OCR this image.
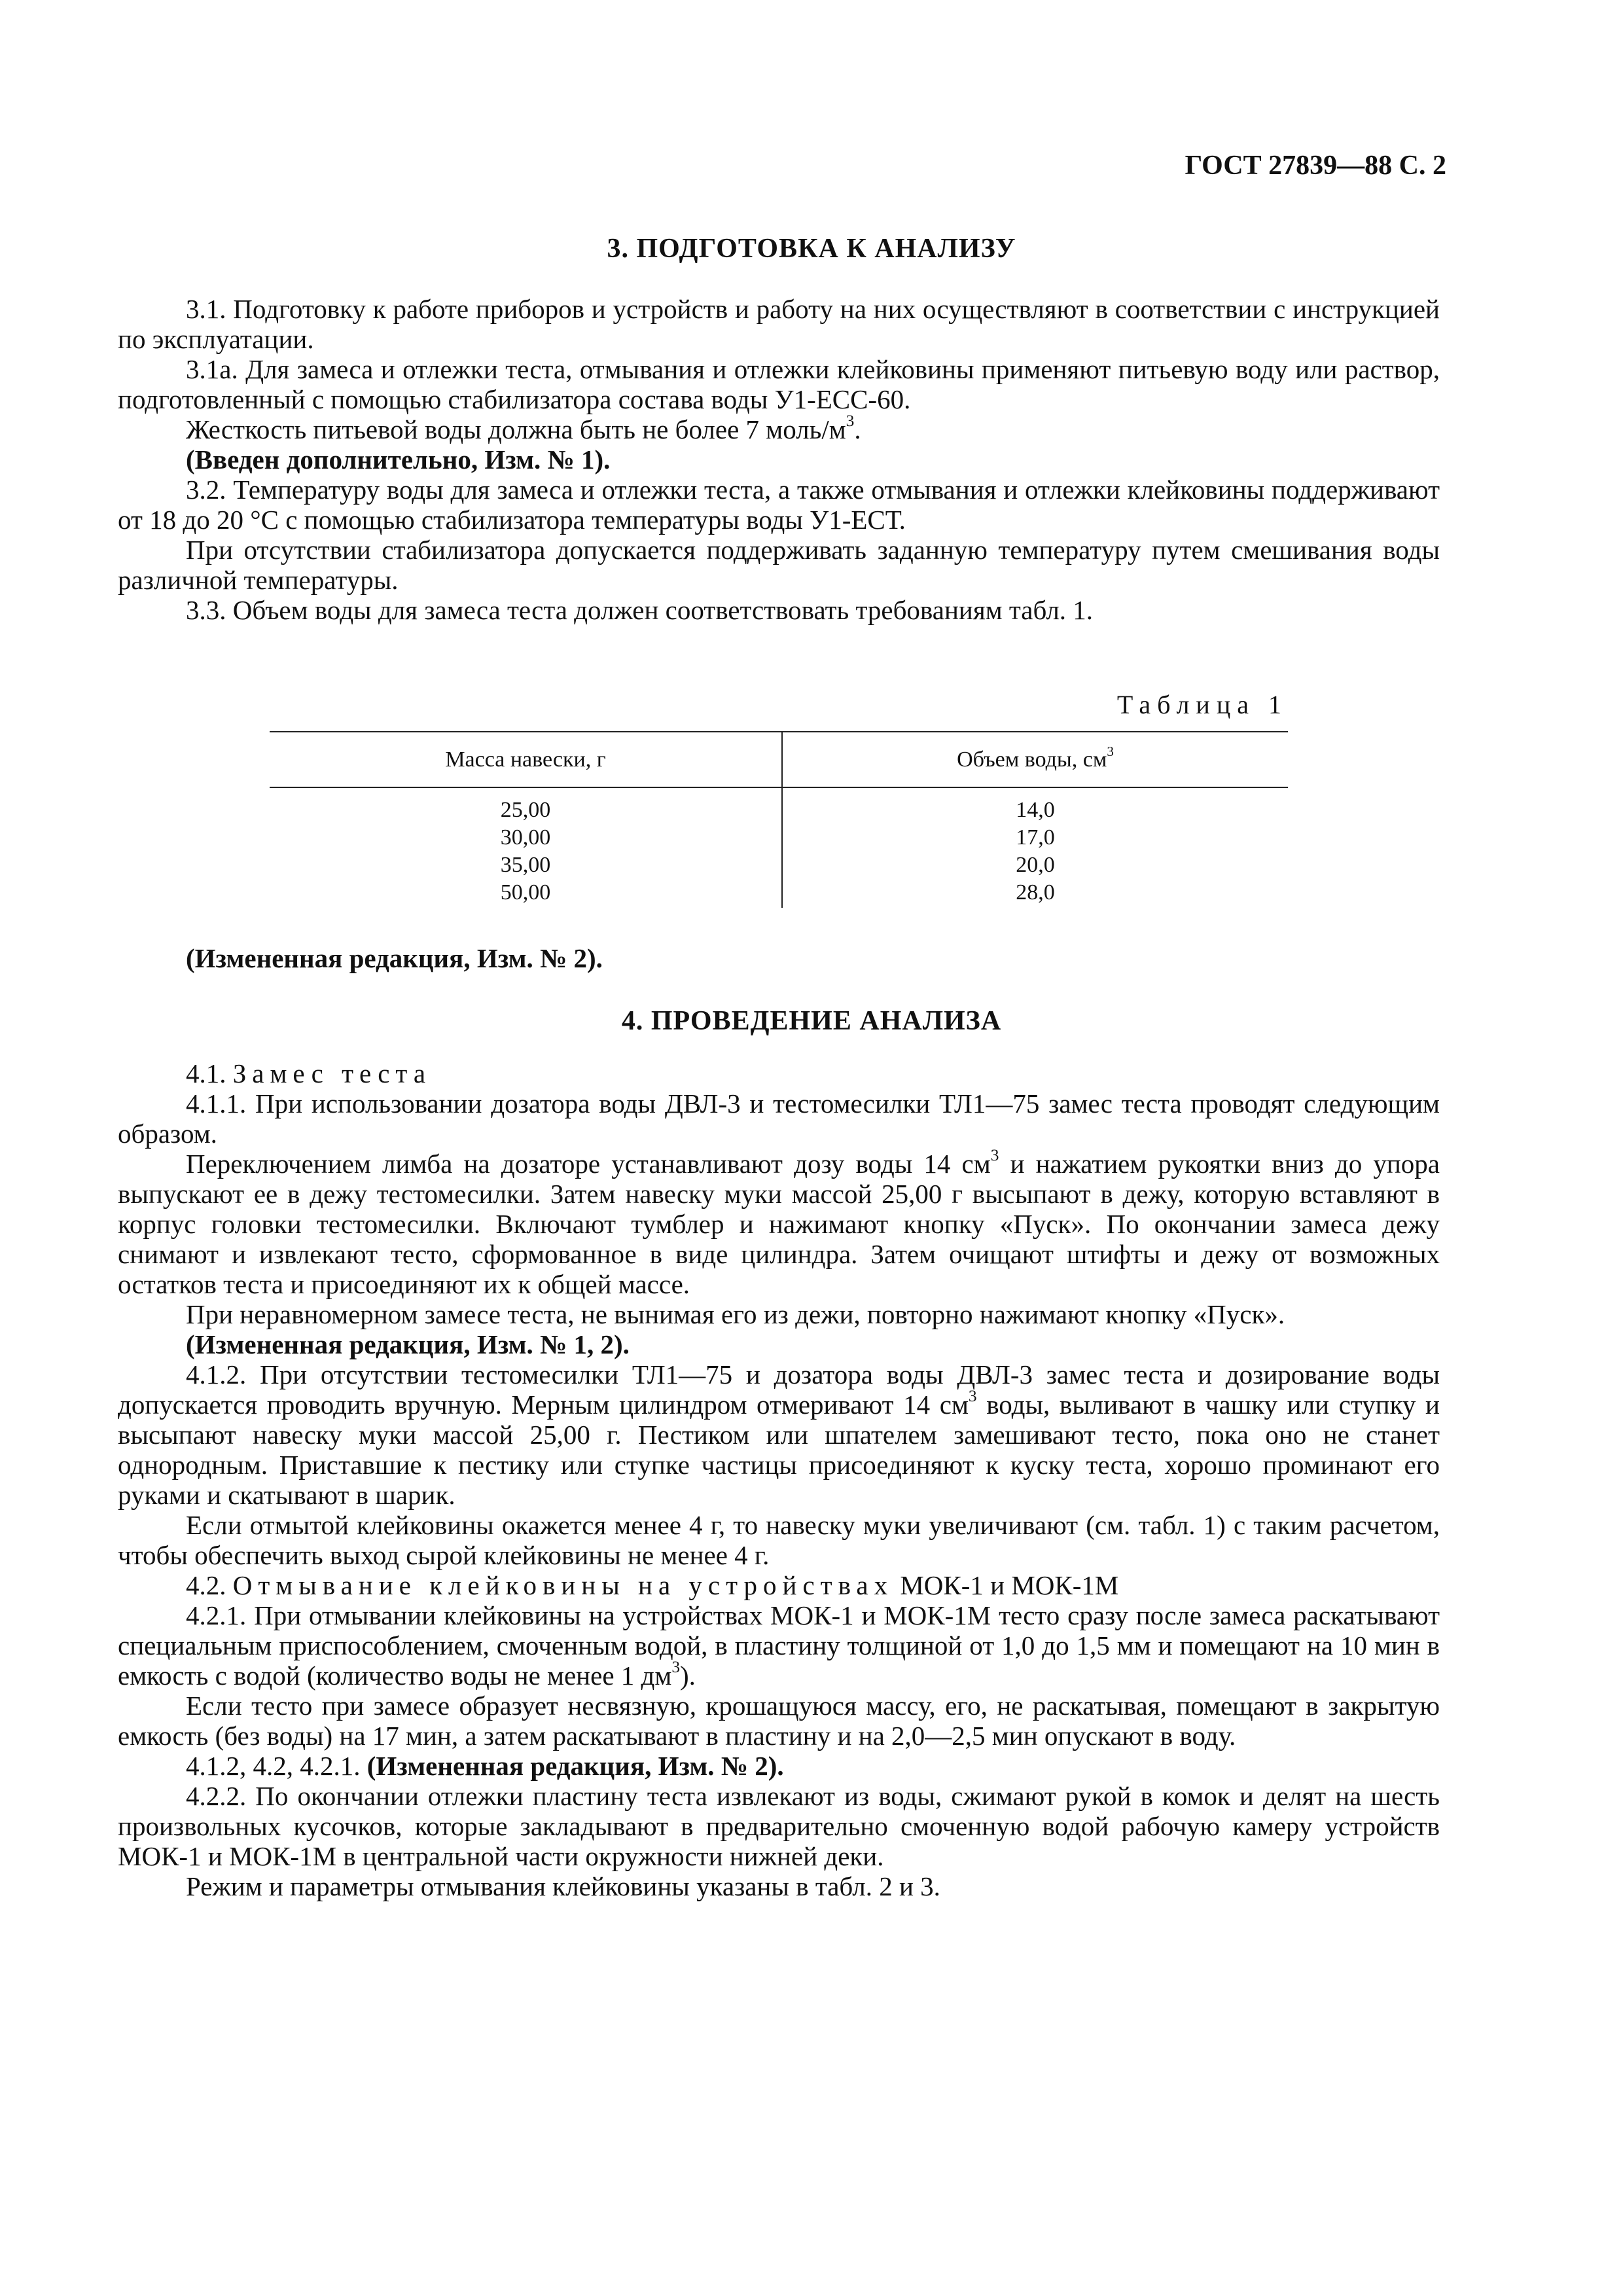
ГОСТ 27839—88 С. 2
3. ПОДГОТОВКА К АНАЛИЗУ

3.1. Подготовку к работе приборов и устройств и работу на них осуществляют в соответствии с инструкцией по эксплуатации.

3.1а. Для замеса и отлежки теста, отмывания и отлежки клейковины применяют питьевую воду или раствор, подготовленный с помощью стабилизатора состава воды У1-ЕСС-60.

Жесткость питьевой воды должна быть не более 7 моль/$м^3$.

(Введен дополнительно, Изм. № 1).

3.2. Температуру воды для замеса и отлежки теста, а также отмывания и отлежки клейковины поддерживают от 18 до 20 °С с помощью стабилизатора температуры воды У1-ЕСТ.

При отсутствии стабилизатора допускается поддерживать заданную температуру путем смешивания воды различной температуры.

3.3. Объем воды для замеса теста должен соответствовать требованиям табл. 1.

Таблица 1
Масса навески, г	Объем воды, $см^3$
25,00
30,00
35,00
50,00
14,0
17,0
20,0
28,0

(Измененная редакция, Изм. № 2).

4. ПРОВЕДЕНИЕ АНАЛИЗА

4.1. Замес теста

4.1.1. При использовании дозатора воды ДВЛ-3 и тестомесилки ТЛ1—75 замес теста проводят следующим образом.

Переключением лимба на дозаторе устанавливают дозу воды 14 $см^3$ и нажатием рукоятки вниз до упора выпускают ее в дежу тестомесилки. Затем навеску муки массой 25,00 г высыпают в дежу, которую вставляют в корпус головки тестомесилки. Включают тумблер и нажимают кнопку «Пуск». По окончании замеса дежу снимают и извлекают тесто, сформованное в виде цилиндра. Затем очищают штифты и дежу от возможных остатков теста и присоединяют их к общей массе.

При неравномерном замесе теста, не вынимая его из дежи, повторно нажимают кнопку «Пуск».

(Измененная редакция, Изм. № 1, 2).

4.1.2. При отсутствии тестомесилки ТЛ1—75 и дозатора воды ДВЛ-3 замес теста и дозирование воды допускается проводить вручную. Мерным цилиндром отмеривают 14 $см^3$ воды, выливают в чашку или ступку и высыпают навеску муки массой 25,00 г. Пестиком или шпателем замешивают тесто, пока оно не станет однородным. Приставшие к пестику или ступке частицы присоединяют к куску теста, хорошо проминают его руками и скатывают в шарик.

Если отмытой клейковины окажется менее 4 г, то навеску муки увеличивают (см. табл. 1) с таким расчетом, чтобы обеспечить выход сырой клейковины не менее 4 г.

4.2. Отмывание клейковины на устройствах МОК-1 и МОК-1М

4.2.1. При отмывании клейковины на устройствах МОК-1 и МОК-1М тесто сразу после замеса раскатывают специальным приспособлением, смоченным водой, в пластину толщиной от 1,0 до 1,5 мм и помещают на 10 мин в емкость с водой (количество воды не менее 1 $дм^3$).

Если тесто при замесе образует несвязную, крошащуюся массу, его, не раскатывая, помещают в закрытую емкость (без воды) на 17 мин, а затем раскатывают в пластину и на 2,0—2,5 мин опускают в воду.

4.1.2, 4.2, 4.2.1. (Измененная редакция, Изм. № 2).

4.2.2. По окончании отлежки пластину теста извлекают из воды, сжимают рукой в комок и делят на шесть произвольных кусочков, которые закладывают в предварительно смоченную водой рабочую камеру устройств МОК-1 и МОК-1М в центральной части окружности нижней деки.

Режим и параметры отмывания клейковины указаны в табл. 2 и 3.
